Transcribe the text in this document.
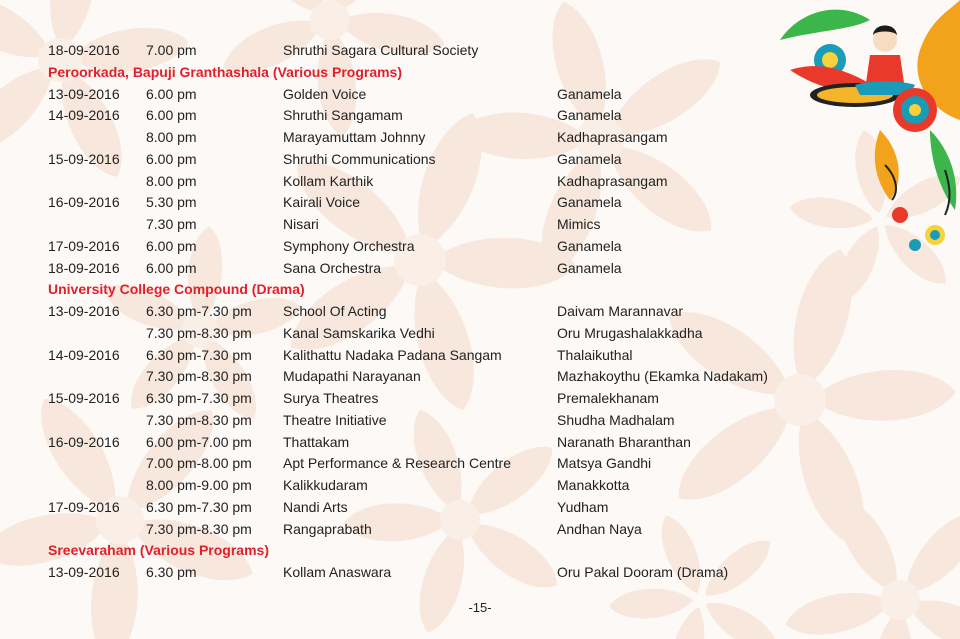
18-09-2016 7.00 pm	Shruthi Sagara Cultural Society
Peroorkada, Bapuji Granthashala (Various Programs)
13-09-2016 6.00 pm	Golden Voice	Ganamela
14-09-2016 6.00 pm	Shruthi Sangamam	Ganamela
8.00 pm	Marayamuttam Johnny	Kadhaprasangam
15-09-2016 6.00 pm	Shruthi Communications	Ganamela
8.00 pm	Kollam Karthik	Kadhaprasangam
16-09-2016 5.30 pm	Kairali Voice	Ganamela
7.30 pm	Nisari	Mimics
17-09-2016 6.00 pm	Symphony Orchestra	Ganamela
18-09-2016 6.00 pm	Sana Orchestra	Ganamela
University College Compound (Drama)
13-09-2016 6.30 pm-7.30 pm School Of Acting	Daivam Marannavar
7.30 pm-8.30 pm Kanal Samskarika Vedhi	Oru Mrugashalakkadha
14-09-2016 6.30 pm-7.30 pm Kalithattu Nadaka Padana Sangam	Thalaikuthal
7.30 pm-8.30 pm Mudapathi Narayanan	Mazhakoythu (Ekamka Nadakam)
15-09-2016 6.30 pm-7.30 pm Surya Theatres	Premalekhanam
7.30 pm-8.30 pm Theatre Initiative	Shudha Madhalam
16-09-2016 6.00 pm-7.00 pm Thattakam	Naranath Bharanthan
7.00 pm-8.00 pm Apt Performance & Research Centre	Matsya Gandhi
8.00 pm-9.00 pm Kalikkudaram	Manakkotta
17-09-2016 6.30 pm-7.30 pm Nandi Arts	Yudham
7.30 pm-8.30 pm Rangaprabath	Andhan Naya
Sreevaraham (Various Programs)
13-09-2016 6.30 pm	Kollam Anaswara	Oru Pakal Dooram (Drama)
-15-
